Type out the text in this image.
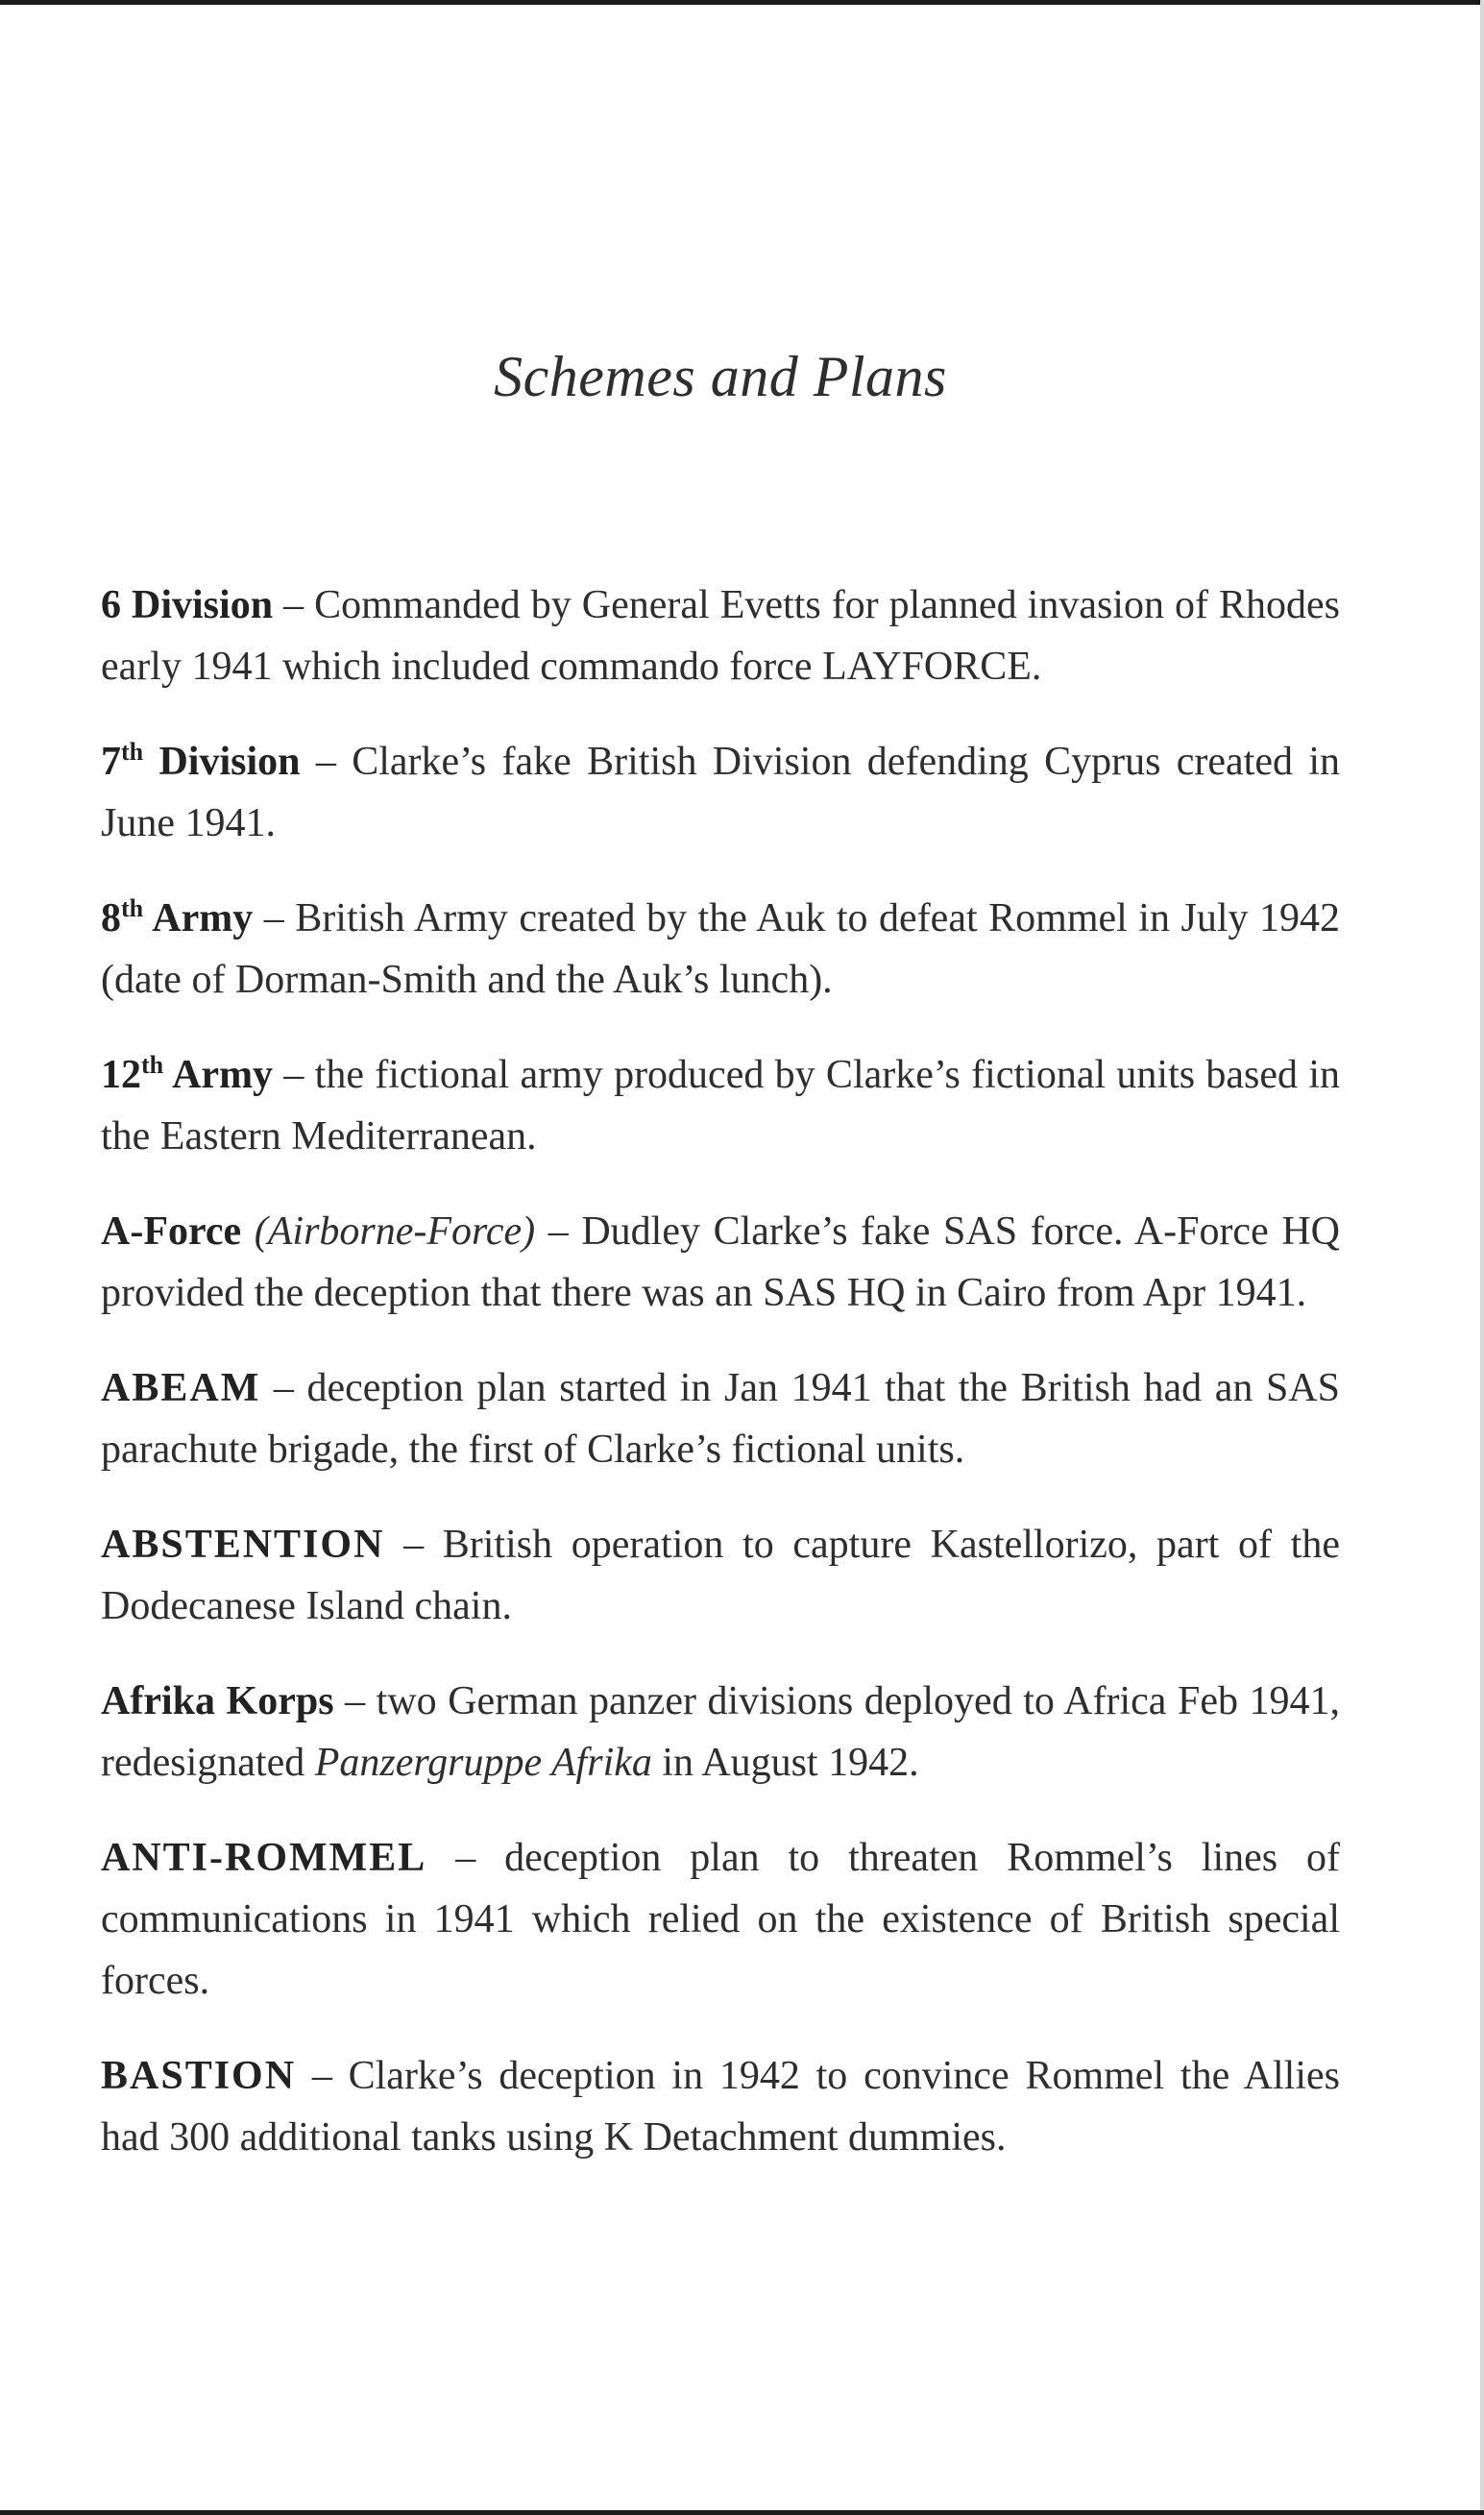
Schemes and Plans

6 Division – Commanded by General Evetts for planned invasion of Rhodes early 1941 which included commando force LAYFORCE.

7th Division – Clarke’s fake British Division defending Cyprus created in June 1941.

8th Army – British Army created by the Auk to defeat Rommel in July 1942 (date of Dorman-Smith and the Auk’s lunch).

12th Army – the fictional army produced by Clarke’s fictional units based in the Eastern Mediterranean.

A-Force (Airborne-Force) – Dudley Clarke’s fake SAS force. A-Force HQ provided the deception that there was an SAS HQ in Cairo from Apr 1941.

ABEAM – deception plan started in Jan 1941 that the British had an SAS parachute brigade, the first of Clarke’s fictional units.

ABSTENTION – British operation to capture Kastellorizo, part of the Dodecanese Island chain.

Afrika Korps – two German panzer divisions deployed to Africa Feb 1941, redesignated Panzergruppe Afrika in August 1942.

ANTI-ROMMEL – deception plan to threaten Rommel’s lines of communications in 1941 which relied on the existence of British special forces.

BASTION – Clarke’s deception in 1942 to convince Rommel the Allies had 300 additional tanks using K Detachment dummies.
